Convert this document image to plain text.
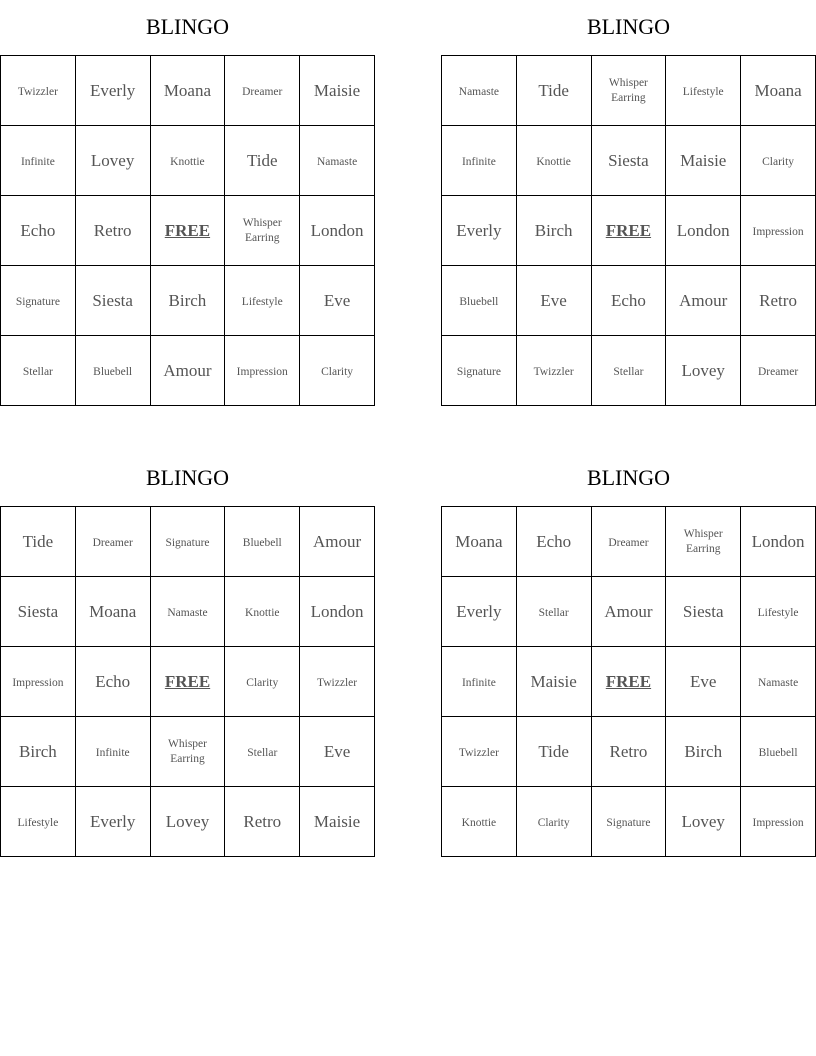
BLINGO
Twizzler	Everly	Moana	Dreamer	Maisie
Infinite	Lovey	Knottie	Tide	Namaste
Echo	Retro	FREE	Whisper Earring	London
Signature	Siesta	Birch	Lifestyle	Eve
Stellar	Bluebell	Amour	Impression	Clarity
BLINGO
Namaste	Tide	Whisper Earring	Lifestyle	Moana
Infinite	Knottie	Siesta	Maisie	Clarity
Everly	Birch	FREE	London	Impression
Bluebell	Eve	Echo	Amour	Retro
Signature	Twizzler	Stellar	Lovey	Dreamer
BLINGO
Tide	Dreamer	Signature	Bluebell	Amour
Siesta	Moana	Namaste	Knottie	London
Impression	Echo	FREE	Clarity	Twizzler
Birch	Infinite	Whisper Earring	Stellar	Eve
Lifestyle	Everly	Lovey	Retro	Maisie
BLINGO
Moana	Echo	Dreamer	Whisper Earring	London
Everly	Stellar	Amour	Siesta	Lifestyle
Infinite	Maisie	FREE	Eve	Namaste
Twizzler	Tide	Retro	Birch	Bluebell
Knottie	Clarity	Signature	Lovey	Impression
